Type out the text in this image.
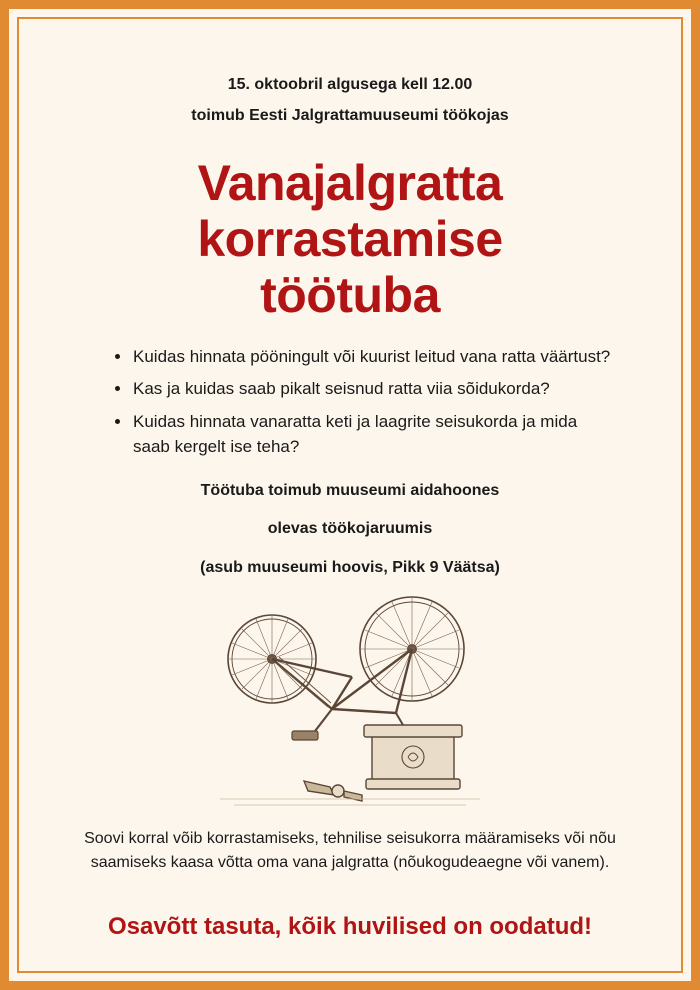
15. oktoobril algusega kell 12.00
toimub Eesti Jalgrattamuuseumi töökojas
Vanajalgratta
korrastamise
töötuba
Kuidas hinnata pööningult või kuurist leitud vana ratta väärtust?
Kas ja kuidas saab pikalt seisnud ratta viia sõidukorda?
Kuidas hinnata vanaratta keti ja laagrite seisukorda ja mida saab kergelt ise teha?
Töötuba toimub muuseumi aidahoones
olevas töökojaruumis
(asub muuseumi hoovis, Pikk 9 Väätsa)

Soovi korral võib korrastamiseks, tehnilise seisukorra määramiseks või nõu saamiseks kaasa võtta oma vana jalgratta (nõukogudeaegne või vanem).

Osavõtt tasuta, kõik huvilised on oodatud!
